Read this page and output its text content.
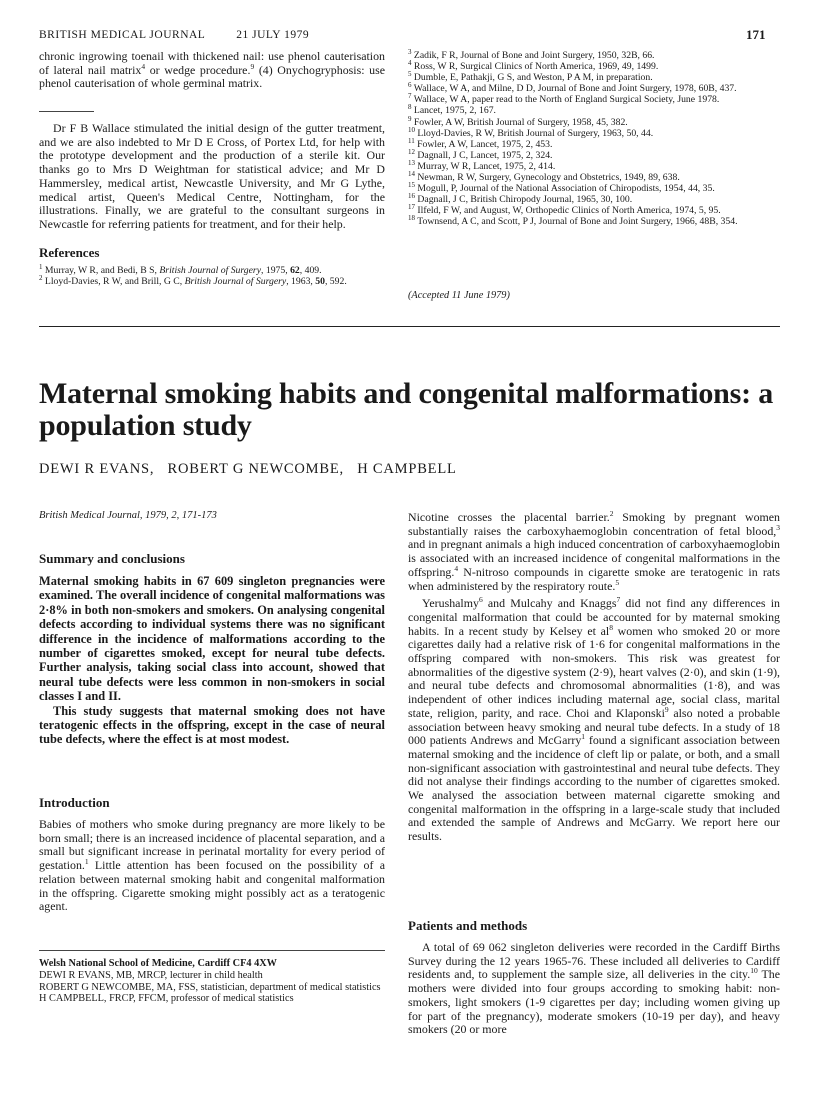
BRITISH MEDICAL JOURNAL	21 JULY 1979	171

chronic ingrowing toenail with thickened nail: use phenol cauterisation of lateral nail matrix$^4$ or wedge procedure.$^9$ (4) Onychogryphosis: use phenol cauterisation of whole germinal matrix.

Dr F B Wallace stimulated the initial design of the gutter treatment, and we are also indebted to Mr D E Cross, of Portex Ltd, for help with the prototype development and the production of a sterile kit. Our thanks go to Mrs D Weightman for statistical advice; and Mr D Hammersley, medical artist, Newcastle University, and Mr G Lythe, medical artist, Queen's Medical Centre, Nottingham, for the illustrations. Finally, we are grateful to the consultant surgeons in Newcastle for referring patients for treatment, and for their help.

References
$^1$ Murray, W R, and Bedi, B S, British Journal of Surgery, 1975, 62, 409.
$^2$ Lloyd-Davies, R W, and Brill, G C, British Journal of Surgery, 1963, 50, 592.
$^3$ Zadik, F R, Journal of Bone and Joint Surgery, 1950, 32B, 66.
$^4$ Ross, W R, Surgical Clinics of North America, 1969, 49, 1499.
$^5$ Dumble, E, Pathakji, G S, and Weston, P A M, in preparation.
$^6$ Wallace, W A, and Milne, D D, Journal of Bone and Joint Surgery, 1978, 60B, 437.
$^7$ Wallace, W A, paper read to the North of England Surgical Society, June 1978.
$^8$ Lancet, 1975, 2, 167.
$^9$ Fowler, A W, British Journal of Surgery, 1958, 45, 382.
$^{10}$ Lloyd-Davies, R W, British Journal of Surgery, 1963, 50, 44.
$^{11}$ Fowler, A W, Lancet, 1975, 2, 453.
$^{12}$ Dagnall, J C, Lancet, 1975, 2, 324.
$^{13}$ Murray, W R, Lancet, 1975, 2, 414.
$^{14}$ Newman, R W, Surgery, Gynecology and Obstetrics, 1949, 89, 638.
$^{15}$ Mogull, P, Journal of the National Association of Chiropodists, 1954, 44, 35.
$^{16}$ Dagnall, J C, British Chiropody Journal, 1965, 30, 100.
$^{17}$ Ilfeld, F W, and August, W, Orthopedic Clinics of North America, 1974, 5, 95.
$^{18}$ Townsend, A C, and Scott, P J, Journal of Bone and Joint Surgery, 1966, 48B, 354.
(Accepted 11 June 1979)
Maternal smoking habits and congenital malformations: a population study
DEWI R EVANS,   ROBERT G NEWCOMBE,   H CAMPBELL
British Medical Journal, 1979, 2, 171-173
Summary and conclusions

Maternal smoking habits in 67 609 singleton pregnancies were examined. The overall incidence of congenital malformations was 2·8% in both non-smokers and smokers. On analysing congenital defects according to individual systems there was no significant difference in the incidence of malformations according to the number of cigarettes smoked, except for neural tube defects. Further analysis, taking social class into account, showed that neural tube defects were less common in non-smokers in social classes I and II.

This study suggests that maternal smoking does not have teratogenic effects in the offspring, except in the case of neural tube defects, where the effect is at most modest.

Introduction

Babies of mothers who smoke during pregnancy are more likely to be born small; there is an increased incidence of placental separation, and a small but significant increase in perinatal mortality for every period of gestation.$^1$ Little attention has been focused on the possibility of a relation between maternal smoking habit and congenital malformation in the offspring. Cigarette smoking might possibly act as a teratogenic agent.

Welsh National School of Medicine, Cardiff CF4 4XW
DEWI R EVANS, MB, MRCP, lecturer in child health
ROBERT G NEWCOMBE, MA, FSS, statistician, department of medical statistics
H CAMPBELL, FRCP, FFCM, professor of medical statistics

Nicotine crosses the placental barrier.$^2$ Smoking by pregnant women substantially raises the carboxyhaemoglobin concentration of fetal blood,$^3$ and in pregnant animals a high induced concentration of carboxyhaemoglobin is associated with an increased incidence of congenital malformations in the offspring.$^4$ N-nitroso compounds in cigarette smoke are teratogenic in rats when administered by the respiratory route.$^5$

Yerushalmy$^6$ and Mulcahy and Knaggs$^7$ did not find any differences in congenital malformation that could be accounted for by maternal smoking habits. In a recent study by Kelsey et $al^8$ women who smoked 20 or more cigarettes daily had a relative risk of 1·6 for congenital malformations in the offspring compared with non-smokers. This risk was greatest for abnormalities of the digestive system (2·9), heart valves (2·0), and skin (1·9), and neural tube defects and chromosomal abnormalities (1·8), and was independent of other indices including maternal age, social class, marital state, religion, parity, and race. Choi and Klaponski$^9$ also noted a probable association between heavy smoking and neural tube defects. In a study of 18 000 patients Andrews and McGarry$^1$ found a significant association between maternal smoking and the incidence of cleft lip or palate, or both, and a small non-significant association with gastrointestinal and neural tube defects. They did not analyse their findings according to the number of cigarettes smoked. We analysed the association between maternal cigarette smoking and congenital malformation in the offspring in a large-scale study that included and extended the sample of Andrews and McGarry. We report here our results.

Patients and methods

A total of 69 062 singleton deliveries were recorded in the Cardiff Births Survey during the 12 years 1965-76. These included all deliveries to Cardiff residents and, to supplement the sample size, all deliveries in the city.$^{10}$ The mothers were divided into four groups according to smoking habit: non-smokers, light smokers (1-9 cigarettes per day; including women giving up for part of the pregnancy), moderate smokers (10-19 per day), and heavy smokers (20 or more
